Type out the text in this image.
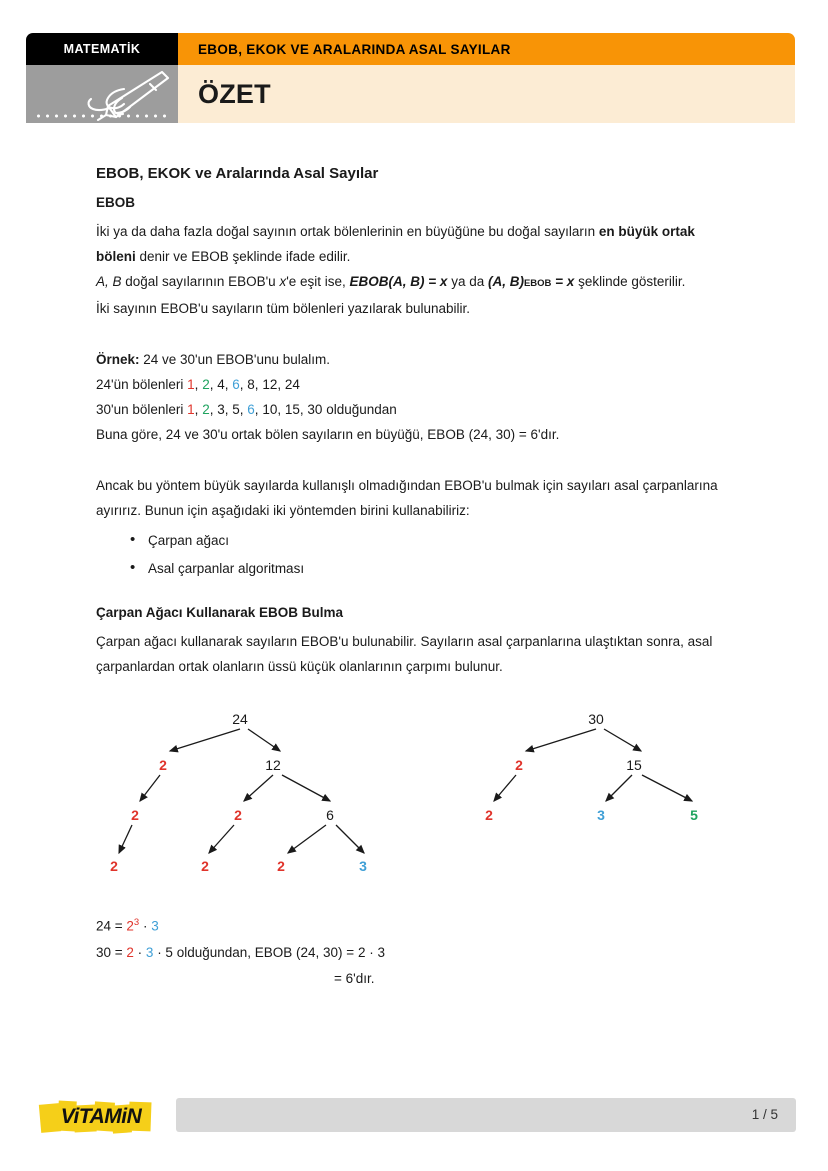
MATEMATİK	EBOB, EKOK VE ARALARINDA ASAL SAYILAR
ÖZET
EBOB, EKOK ve Aralarında Asal Sayılar
EBOB

İki ya da daha fazla doğal sayının ortak bölenlerinin en büyüğüne bu doğal sayıların en büyük ortak böleni denir ve EBOB şeklinde ifade edilir.

A, B doğal sayılarının EBOB'u x'e eşit ise, EBOB(A, B) = x ya da (A, B)EBOB = x şeklinde gösterilir.

İki sayının EBOB'u sayıların tüm bölenleri yazılarak bulunabilir.

Örnek: 24 ve 30'un EBOB'unu bulalım.

24'ün bölenleri 1, 2, 4, 6, 8, 12, 24

30'un bölenleri 1, 2, 3, 5, 6, 10, 15, 30 olduğundan

Buna göre, 24 ve 30'u ortak bölen sayıların en büyüğü, EBOB (24, 30) = 6'dır.

Ancak bu yöntem büyük sayılarda kullanışlı olmadığından EBOB'u bulmak için sayıları asal çarpanlarına ayırırız. Bunun için aşağıdaki iki yöntemden birini kullanabiliriz:

• Çarpan ağacı
• Asal çarpanlar algoritması
Çarpan Ağacı Kullanarak EBOB Bulma

Çarpan ağacı kullanarak sayıların EBOB'u bulunabilir. Sayıların asal çarpanlarına ulaştıktan sonra, asal çarpanlardan ortak olanların üssü küçük olanlarının çarpımı bulunur.

24
2	12
2	2	6
2	2	2	3
30
2	15
2	3	5
$24 = 2^3 \cdot 3$
30 = 2 · 3 · 5 olduğundan, EBOB (24, 30) = 2 · 3
= 6'dır.
ViTAMiN	1 / 5
